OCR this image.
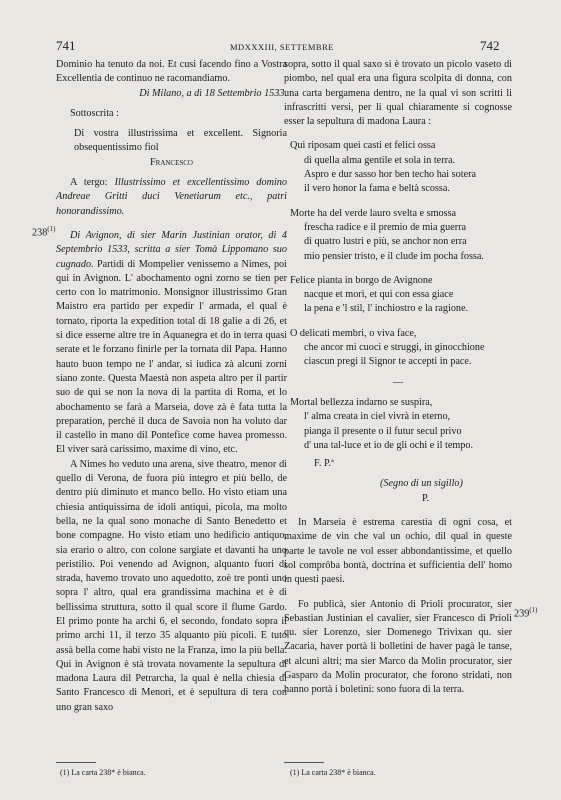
741	MDXXXIII, SETTEMBRE	742

Dominio ha tenuto da noi. Et cusi facendo fino a Vostra Excellentia de continuo ne racomandiamo.

Di Milano, a dì 18 Settembrio 1533.

Sottoscrita :

Di vostra illustrissima et excellent. Signoria obsequentissimo fiol

Francesco

A tergo: Illustrissimo et excellentissimo domino Andreae Gritti duci Venetiarum etc., patri honorandissimo.

Di Avignon, di sier Marin Justinian orator, di 4 Septembrio 1533, scritta a sier Tomà Lippomano suo cugnado. Partidi di Mompelier venissemo a Nimes, poi qui in Avignon. L' abochamento ogni zorno se tien per certo con lo matrimonio. Monsignor illustrissimo Gran Maistro era partido per expedir l' armada, el qual è tornato, riporta la expedition total di 18 galie a di 26, et si dice esserne altre tre in Aquanegra et do in terra quasi serate et le forzano finirle per la tornata dil Papa. Hanno hauto buon tempo ne l' andar, si iudica zà alcuni zorni siano zonte. Questa Maestà non aspeta altro per il partir suo de qui se non la nova di la partita di Roma, et lo abochamento se farà a Marseia, dove zà è fata tutta la preparation, perchè il duca de Savoia non ha voluto dar il castello in mano dil Pontefice come havea promesso. El viver sarà carissimo, maxime di vino, etc.

A Nimes ho veduto una arena, sive theatro, menor di quello di Verona, de fuora più integro et più bello, de dentro più diminuto et manco bello. Ho visto etiam una chiesia antiquissima de idoli antiqui, picola, ma molto bella, ne la qual sono monache di Santo Benedetto et bone compagne. Ho visto etiam uno hedificio antiquo, sia erario o altro, con colone sargiate et davanti ha uno peristilio. Poi venendo ad Avignon, alquanto fuori di strada, havemo trovato uno aquedotto, zoè tre ponti uno sopra l' altro, qual era grandissima machina et è di bellissima struttura, sotto il qual score il flume Gardo. El primo ponte ha archi 6, el secondo, fondato sopra il primo archi 11, il terzo 35 alquanto più picoli. E tuto assà bella come habi visto ne la Franza, imo la più bella. Qui in Avignon è stà trovata novamente la sepultura di madona Laura dil Petrarcha, la qual è nella chiesia di Santo Francesco di Menori, et è sepultura di tera con uno gran saxo

238$^{(1)}$

sopra, sotto il qual saxo si è trovato un picolo vaseto di piombo, nel qual era una figura scolpita di donna, con una carta bergamena dentro, ne la qual vi son scritti li infrascritti versi, per li qual chiaramente si cognosse esser la sepultura di madona Laura :

Qui riposam quei casti et felici ossa
di quella alma gentile et sola in terra.
Aspro e dur sasso hor ben techo hai sotera
il vero honor la fama e beltà scossa.
Morte ha del verde lauro svelta e smossa
frescha radice e il premio de mia guerra
di quatro lustri e più, se anchor non erra
mio pensier tristo, e il clude im pocha fossa.
Felice pianta in borgo de Avignone
nacque et morì, et qui con essa giace
la pena e 'l stil, l' inchiostro e la ragione.
O delicati membri, o viva face,
che ancor mi cuoci e struggi, in ginocchione
ciascun pregi il Signor te accepti in pace.
—
Mortal bellezza indarno se suspira,
l' alma creata in ciel vivrà in eterno,
pianga il presente o il futur secul privo
d' una tal-luce et io de gli ochi e il tempo.
F. P.ª
(Segno di un sigillo)
P.

In Marseia è estrema carestia di ogni cosa, et maxime de vin che val un ochio, dil qual in queste parte le tavole ne vol esser abbondantissime, et quello sol comprôba bontà, doctrina et sufficientia dell' homo in questi paesi.

Fo publicà, sier Antonio di Prioli procurator, sier Sebastian Justinian el cavalier, sier Francesco di Prioli qu. sier Lorenzo, sier Domenego Trivixan qu. sier Zacaria, haver portà li bolletini de haver pagà le tanse, et alcuni altri; ma sier Marco da Molin procurator, sier Gasparo da Molin procurator, che forono stridati, non hanno portà i boletini: sono fuora di la terra.

239$^{(1)}$
(1) La carta 238* è bianca.	(1) La carta 238* è bianca.
